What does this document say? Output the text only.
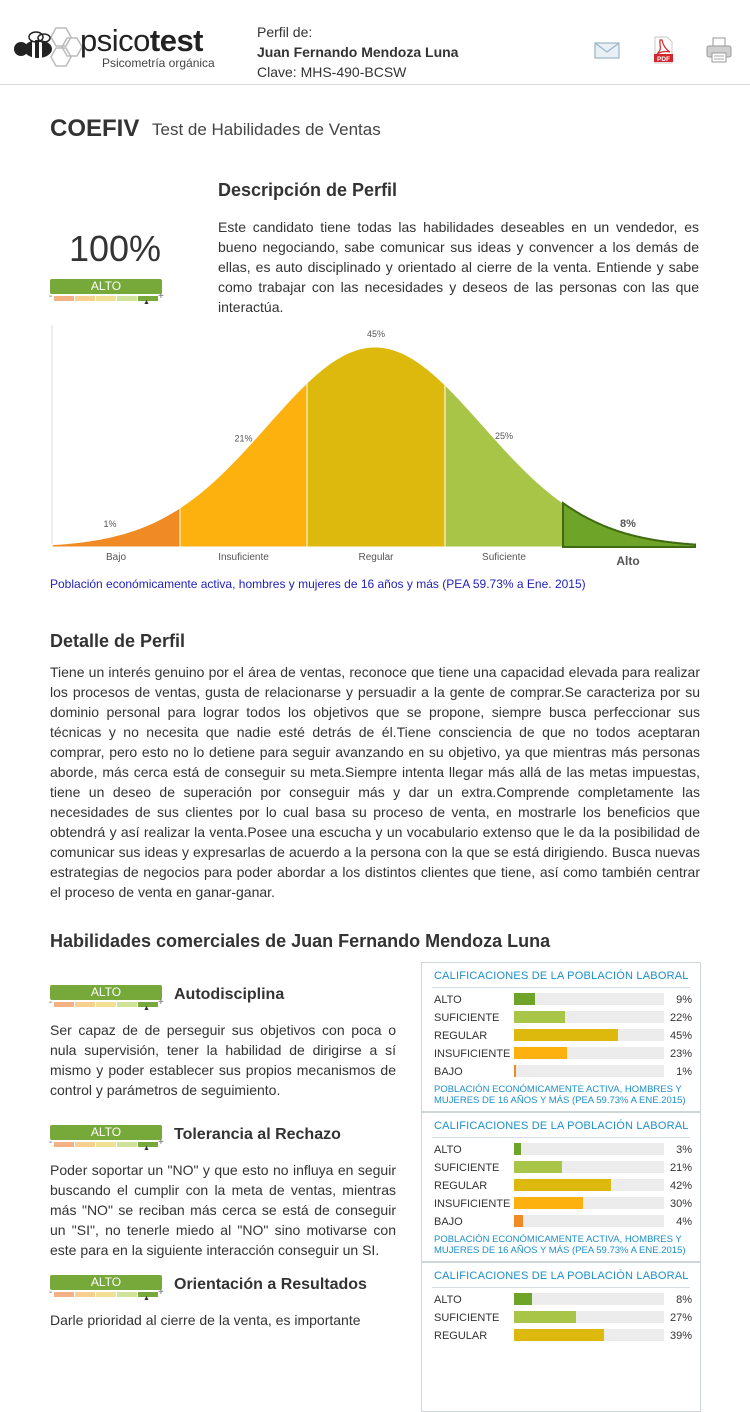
psicotest
Psicometría orgánica
Perfil de:
Juan Fernando Mendoza Luna
Clave: MHS-490-BCSW
PDF
COEFIV Test de Habilidades de Ventas
Descripción de Perfil

Este candidato tiene todas las habilidades deseables en un vendedor, es bueno negociando, sabe comunicar sus ideas y convencer a los demás de ellas, es auto disciplinado y orientado al cierre de la venta. Entiende y sabe como trabajar con las necesidades y deseos de las personas con las que interactúa.

100%
ALTO
-	+
▲
1%
Bajo
21%
Insuficiente
45%
Regular
25%
Suficiente
8%
Alto
Población económicamente activa, hombres y mujeres de 16 años y más (PEA 59.73% a Ene. 2015)
Detalle de Perfil

Tiene un interés genuino por el área de ventas, reconoce que tiene una capacidad elevada para realizar los procesos de ventas, gusta de relacionarse y persuadir a la gente de comprar.Se caracteriza por su dominio personal para lograr todos los objetivos que se propone, siempre busca perfeccionar sus técnicas y no necesita que nadie esté detrás de él.Tiene consciencia de que no todos aceptaran comprar, pero esto no lo detiene para seguir avanzando en su objetivo, ya que mientras más personas aborde, más cerca está de conseguir su meta.Siempre intenta llegar más allá de las metas impuestas, tiene un deseo de superación por conseguir más y dar un extra.Comprende completamente las necesidades de sus clientes por lo cual basa su proceso de venta, en mostrarle los beneficios que obtendrá y así realizar la venta.Posee una escucha y un vocabulario extenso que le da la posibilidad de comunicar sus ideas y expresarlas de acuerdo a la persona con la que se está dirigiendo. Busca nuevas estrategias de negocios para poder abordar a los distintos clientes que tiene, así como también centrar el proceso de venta en ganar-ganar.

Habilidades comerciales de Juan Fernando Mendoza Luna
ALTO
-	+
▲
Autodisciplina

Ser capaz de de perseguir sus objetivos con poca o nula supervisión, tener la habilidad de dirigirse a sí mismo y poder establecer sus propios mecanismos de control y parámetros de seguimiento.

ALTO
-	+
▲
Tolerancia al Rechazo

Poder soportar un "NO" y que esto no influya en seguir buscando el cumplir con la meta de ventas, mientras más "NO" se reciban más cerca se está de conseguir un "SI", no tenerle miedo al "NO" sino motivarse con este para en la siguiente interacción conseguir un SI.

ALTO
-	+
▲
Orientación a Resultados

Darle prioridad al cierre de la venta, es importante

CALIFICACIONES DE LA POBLACIÓN LABORAL
ALTO	9%
SUFICIENTE	22%
REGULAR	45%
INSUFICIENTE	23%
BAJO	1%
POBLACIÓN ECONÓMICAMENTE ACTIVA, HOMBRES Y MUJERES DE 16 AÑOS Y MÁS (PEA 59.73% A ENE.2015)
CALIFICACIONES DE LA POBLACIÓN LABORAL
ALTO	3%
SUFICIENTE	21%
REGULAR	42%
INSUFICIENTE	30%
BAJO	4%
POBLACIÓN ECONÓMICAMENTE ACTIVA, HOMBRES Y MUJERES DE 16 AÑOS Y MÁS (PEA 59.73% A ENE.2015)
CALIFICACIONES DE LA POBLACIÓN LABORAL
ALTO	8%
SUFICIENTE	27%
REGULAR	39%
